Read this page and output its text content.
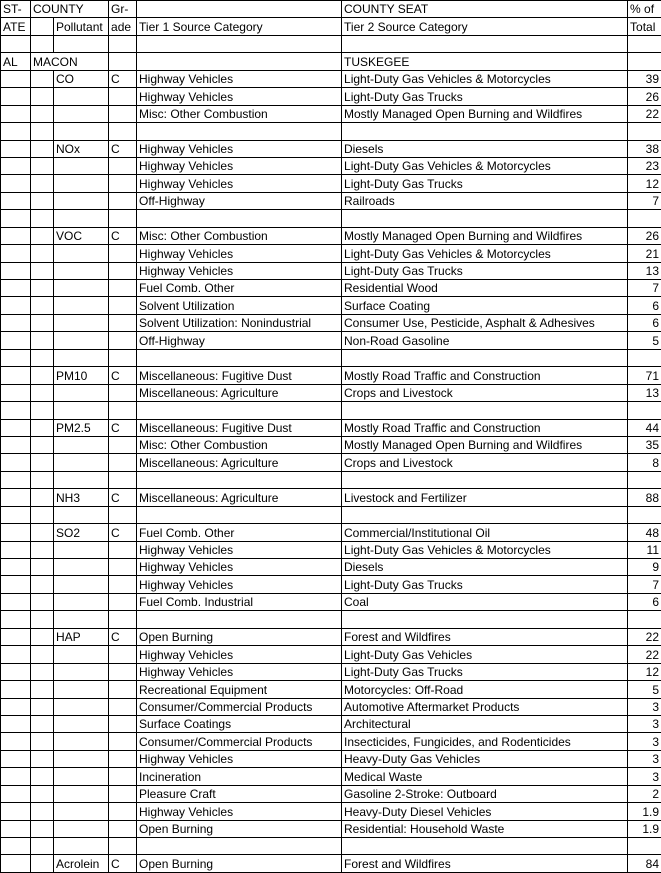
ST-	COUNTY		Gr-		COUNTY SEAT	% of
ATE		Pollutant	ade	Tier 1 Source Category	Tier 2 Source Category	Total

AL	MACON				TUSKEGEE	
		CO	C	Highway Vehicles	Light-Duty Gas Vehicles & Motorcycles	39
				Highway Vehicles	Light-Duty Gas Trucks	26
				Misc: Other Combustion	Mostly Managed Open Burning and Wildfires	22

		NOx	C	Highway Vehicles	Diesels	38
				Highway Vehicles	Light-Duty Gas Vehicles & Motorcycles	23
				Highway Vehicles	Light-Duty Gas Trucks	12
				Off-Highway	Railroads	7

		VOC	C	Misc: Other Combustion	Mostly Managed Open Burning and Wildfires	26
				Highway Vehicles	Light-Duty Gas Vehicles & Motorcycles	21
				Highway Vehicles	Light-Duty Gas Trucks	13
				Fuel Comb. Other	Residential Wood	7
				Solvent Utilization	Surface Coating	6
				Solvent Utilization: Nonindustrial	Consumer Use, Pesticide, Asphalt & Adhesives	6
				Off-Highway	Non-Road Gasoline	5

		PM10	C	Miscellaneous: Fugitive Dust	Mostly Road Traffic and Construction	71
				Miscellaneous: Agriculture	Crops and Livestock	13

		PM2.5	C	Miscellaneous: Fugitive Dust	Mostly Road Traffic and Construction	44
				Misc: Other Combustion	Mostly Managed Open Burning and Wildfires	35
				Miscellaneous: Agriculture	Crops and Livestock	8

		NH3	C	Miscellaneous: Agriculture	Livestock and Fertilizer	88

		SO2	C	Fuel Comb. Other	Commercial/Institutional Oil	48
				Highway Vehicles	Light-Duty Gas Vehicles & Motorcycles	11
				Highway Vehicles	Diesels	9
				Highway Vehicles	Light-Duty Gas Trucks	7
				Fuel Comb. Industrial	Coal	6

		HAP	C	Open Burning	Forest and Wildfires	22
				Highway Vehicles	Light-Duty Gas Vehicles	22
				Highway Vehicles	Light-Duty Gas Trucks	12
				Recreational Equipment	Motorcycles: Off-Road	5
				Consumer/Commercial Products	Automotive Aftermarket Products	3
				Surface Coatings	Architectural	3
				Consumer/Commercial Products	Insecticides, Fungicides, and Rodenticides	3
				Highway Vehicles	Heavy-Duty Gas Vehicles	3
				Incineration	Medical Waste	3
				Pleasure Craft	Gasoline 2-Stroke: Outboard	2
				Highway Vehicles	Heavy-Duty Diesel Vehicles	1.9
				Open Burning	Residential: Household Waste	1.9

		Acrolein	C	Open Burning	Forest and Wildfires	84
